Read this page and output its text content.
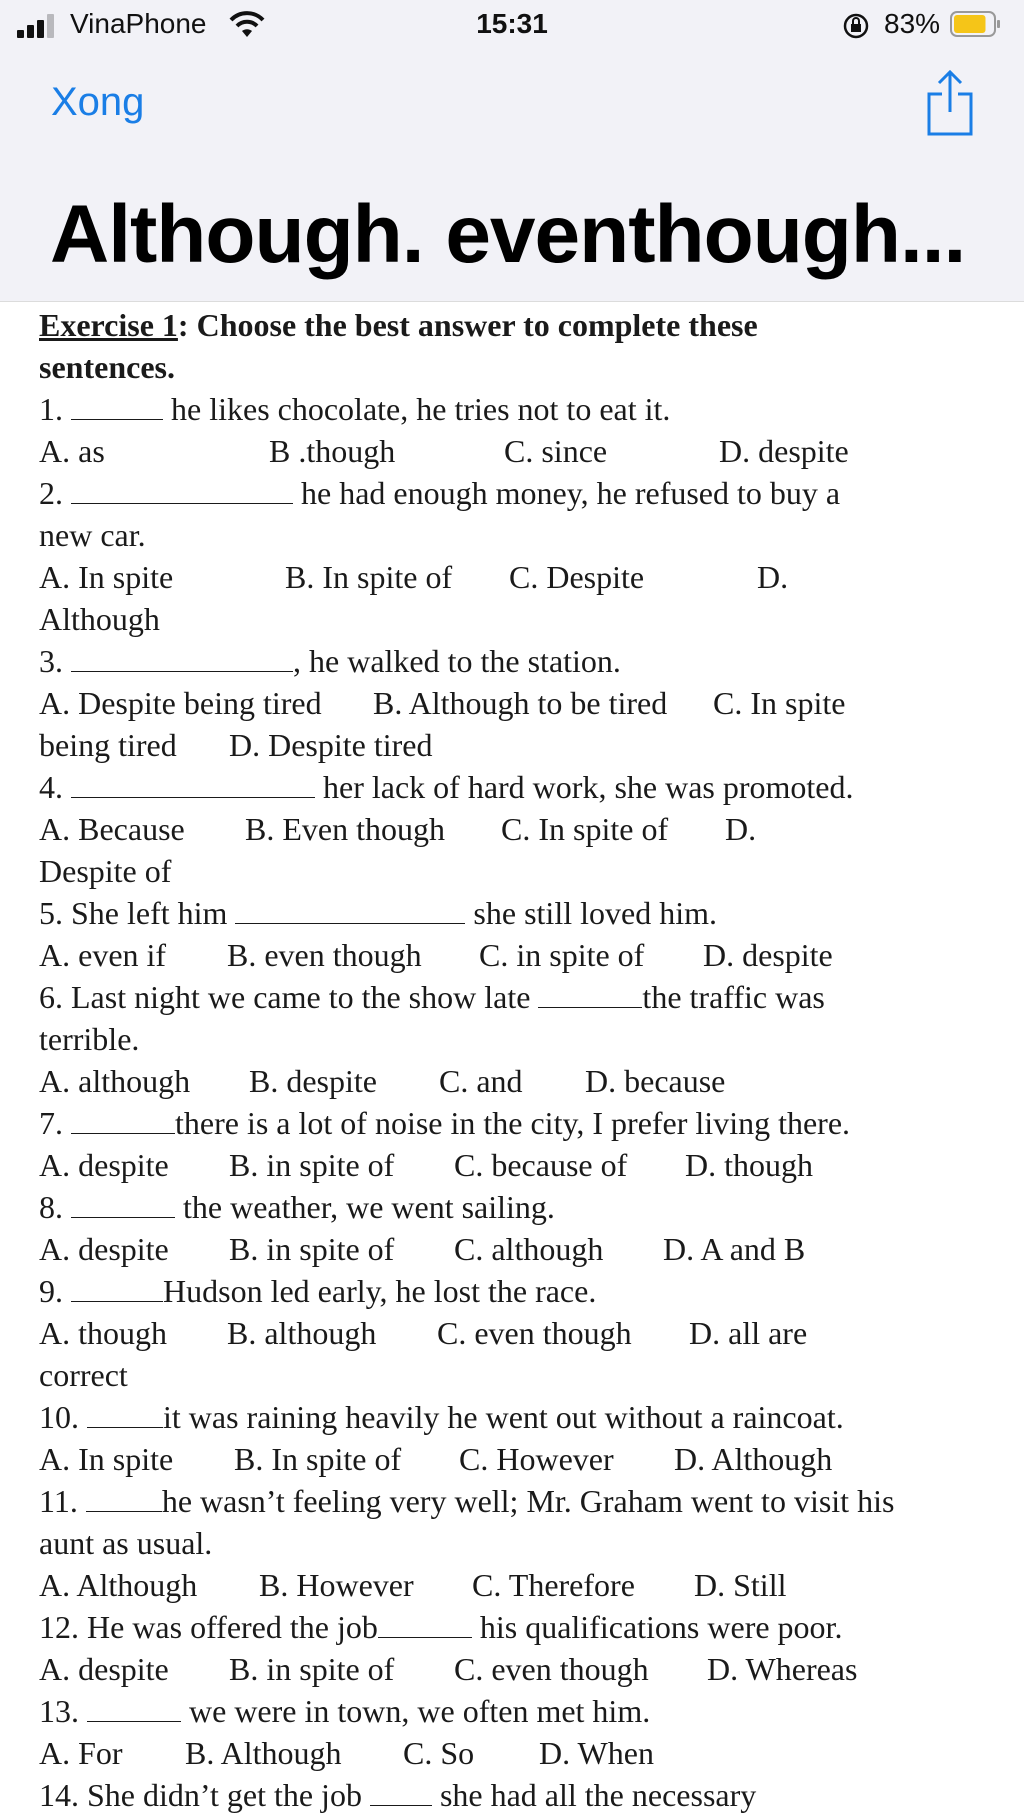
VinaPhone	15:31	83%
Xong
Although. eventhough...
Exercise 1: Choose the best answer to complete these
sentences.
1.	he likes chocolate, he tries not to eat it.
A. as	B .though	C. since	D. despite
2.	he had enough money, he refused to buy a
new car.
A. In spite	B. In spite of C. Despite	D.
Although
3.	, he walked to the station.
A. Despite being tired B. Although to be tired C. In spite
being tired D. Despite tired
4.	her lack of hard work, she was promoted.
A. Because B. Even though C. In spite of D.
Despite of
5. She left him	she still loved him.
A. even if B. even though C. in spite of D. despite
6. Last night we came to the show late	the traffic was
terrible.
A. although B. despite C. and D. because
7.	there is a lot of noise in the city, I prefer living there.
A. despite B. in spite of C. because of D. though
8.	the weather, we went sailing.
A. despite B. in spite of C. although D. A and B
9.	Hudson led early, he lost the race.
A. though B. although C. even though D. all are
correct
10. it was raining heavily he went out without a raincoat.
A. In spite B. In spite of C. However D. Although
11. he wasn’t feeling very well; Mr. Graham went to visit his
aunt as usual.
A. Although B. However C. Therefore D. Still
12. He was offered the job	his qualifications were poor.
A. despite B. in spite of C. even though D. Whereas
13.	we were in town, we often met him.
A. For B. Although C. So D. When
14. She didn’t get the job  she had all the necessary
